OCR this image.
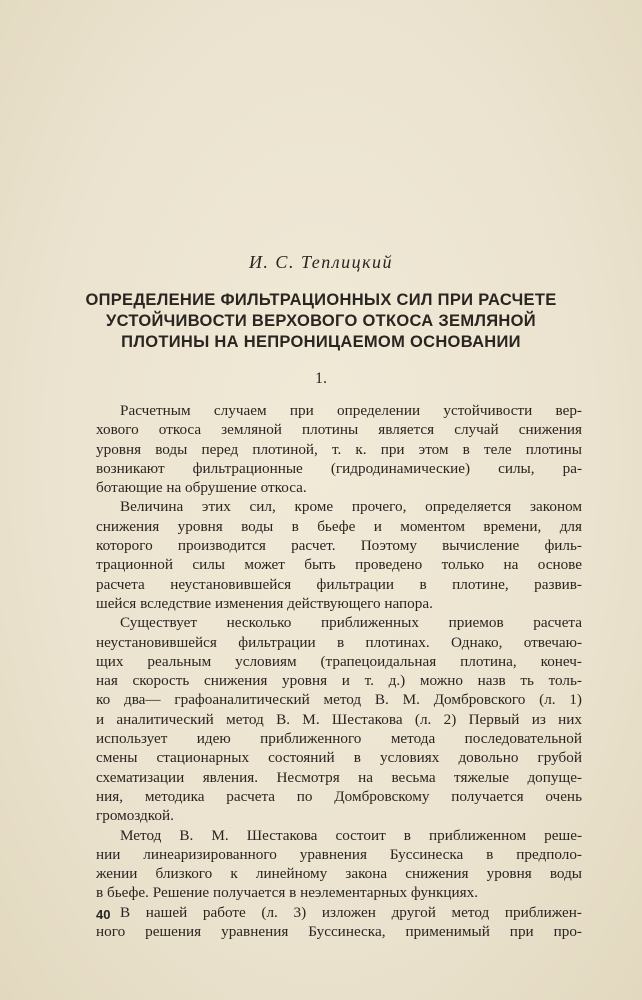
И. С. Теплицкий
ОПРЕДЕЛЕНИЕ ФИЛЬТРАЦИОННЫХ СИЛ ПРИ РАСЧЕТЕ
УСТОЙЧИВОСТИ ВЕРХОВОГО ОТКОСА ЗЕМЛЯНОЙ
ПЛОТИНЫ НА НЕПРОНИЦАЕМОМ ОСНОВАНИИ
1.
Расчетным случаем при определении устойчивости вер-
хового откоса земляной плотины является случай снижения
уровня воды перед плотиной, т. к. при этом в теле плотины
возникают фильтрационные (гидродинамические) силы, ра-
ботающие на обрушение откоса.
Величина этих сил, кроме прочего, определяется законом
снижения уровня воды в бьефе и моментом времени, для
которого производится расчет. Поэтому вычисление филь-
трационной силы может быть проведено только на основе
расчета неустановившейся фильтрации в плотине, развив-
шейся вследствие изменения действующего напора.
Существует несколько приближенных приемов расчета
неустановившейся фильтрации в плотинах. Однако, отвечаю-
щих реальным условиям (трапецоидальная плотина, конеч-
ная скорость снижения уровня и т. д.) можно назв ть толь-
ко два— графоаналитический метод В. М. Домбровского (л. 1)
и аналитический метод В. М. Шестакова (л. 2) Первый из них
использует идею приближенного метода последовательной
смены стационарных состояний в условиях довольно грубой
схематизации явления. Несмотря на весьма тяжелые допуще-
ния, методика расчета по Домбровскому получается очень
громоздкой.
Метод В. М. Шестакова состоит в приближенном реше-
нии линеаризированного уравнения Буссинеска в предполо-
жении близкого к линейному закона снижения уровня воды
в бьефе. Решение получается в неэлементарных функциях.
В нашей работе (л. 3) изложен другой метод приближен-
ного решения уравнения Буссинеска, применимый при про-
40
